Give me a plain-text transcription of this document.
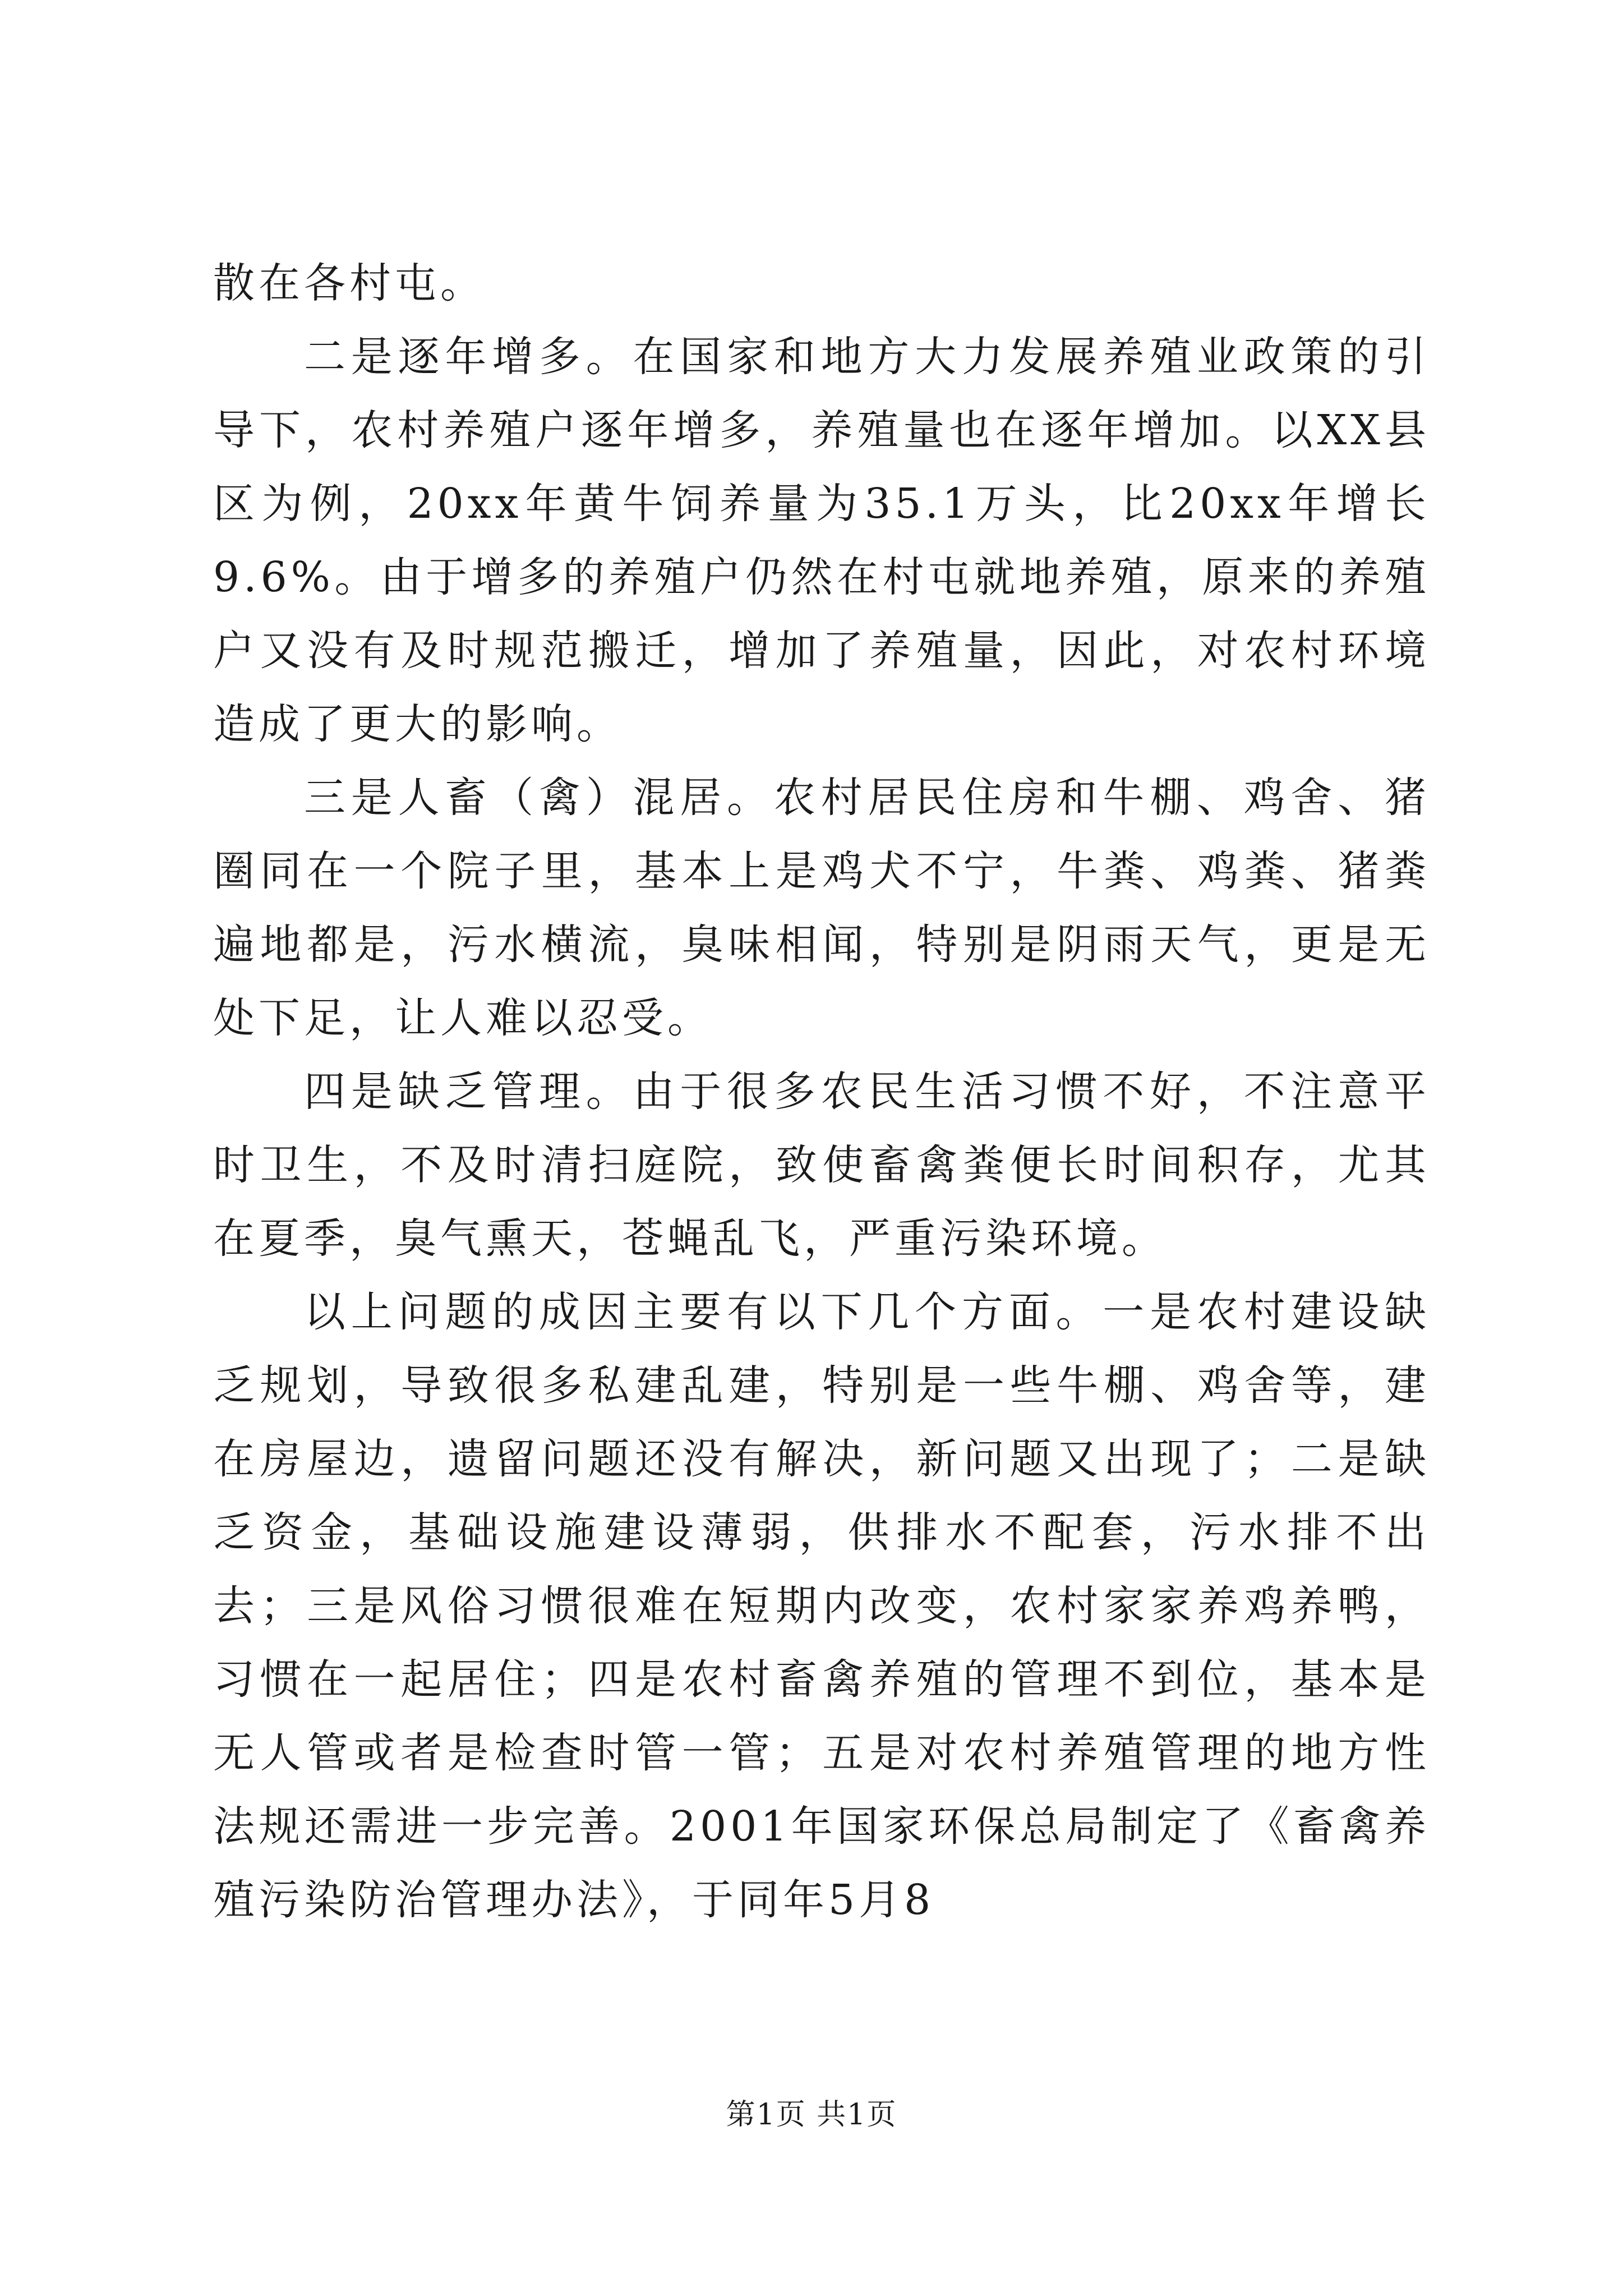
散在各村屯。

二是逐年增多。在国家和地方大力发展养殖业政策的引导下，农村养殖户逐年增多，养殖量也在逐年增加。以XX县区为例，20xx年黄牛饲养量为35.1万头，比20xx年增长9.6%。由于增多的养殖户仍然在村屯就地养殖，原来的养殖户又没有及时规范搬迁，增加了养殖量，因此，对农村环境造成了更大的影响。

三是人畜（禽）混居。农村居民住房和牛棚、鸡舍、猪圈同在一个院子里，基本上是鸡犬不宁，牛粪、鸡粪、猪粪遍地都是，污水横流，臭味相闻，特别是阴雨天气，更是无处下足，让人难以忍受。

四是缺乏管理。由于很多农民生活习惯不好，不注意平时卫生，不及时清扫庭院，致使畜禽粪便长时间积存，尤其在夏季，臭气熏天，苍蝇乱飞，严重污染环境。

以上问题的成因主要有以下几个方面。一是农村建设缺乏规划，导致很多私建乱建，特别是一些牛棚、鸡舍等，建在房屋边，遗留问题还没有解决，新问题又出现了；二是缺乏资金，基础设施建设薄弱，供排水不配套，污水排不出去；三是风俗习惯很难在短期内改变，农村家家养鸡养鸭，习惯在一起居住；四是农村畜禽养殖的管理不到位，基本是无人管或者是检查时管一管；五是对农村养殖管理的地方性法规还需进一步完善。2001年国家环保总局制定了《畜禽养殖污染防治管理办法》，于同年5月8

第1页 共1页
